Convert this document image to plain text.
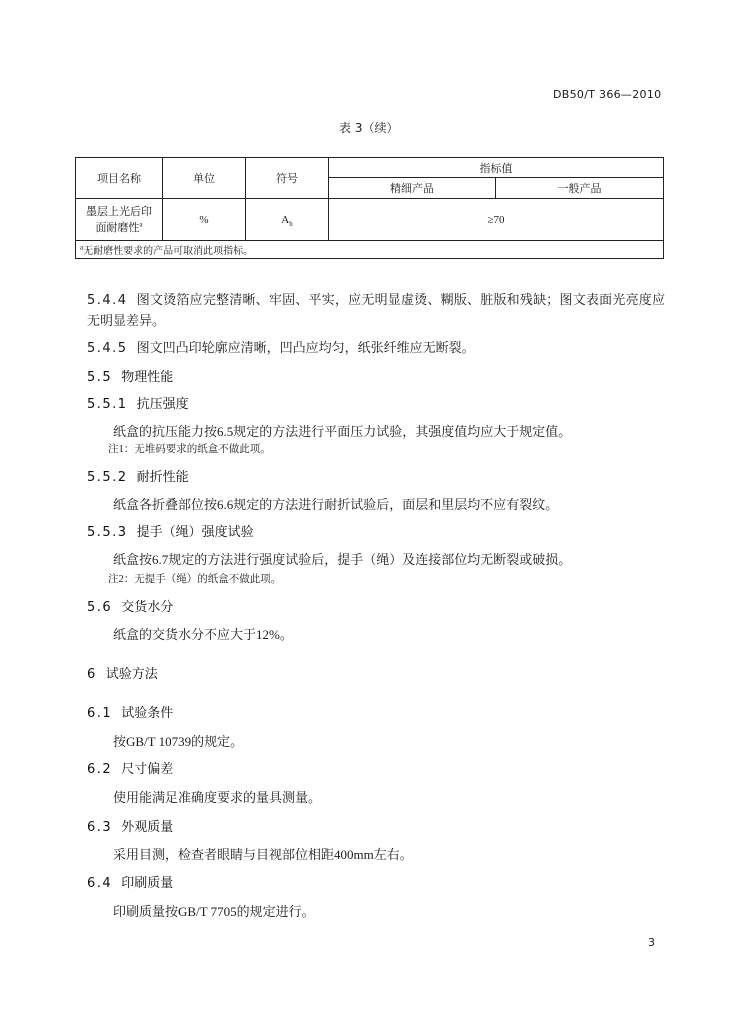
DB50/T 366—2010
表 3（续）
项目名称	单位	符号	指标值	
			精细产品	一般产品

墨层上光后印
面耐磨性$^a$	%	$A_h$	≥70	
$^a$无耐磨性要求的产品可取消此项指标。				
5.4.4 图文烫箔应完整清晰、牢固、平实，应无明显虚烫、糊版、脏版和残缺；图文表面光亮度应无明显差异。
5.4.5 图文凹凸印轮廓应清晰，凹凸应均匀，纸张纤维应无断裂。
5.5 物理性能
5.5.1 抗压强度
纸盒的抗压能力按6.5规定的方法进行平面压力试验，其强度值均应大于规定值。
注1：无堆码要求的纸盒不做此项。
5.5.2 耐折性能
纸盒各折叠部位按6.6规定的方法进行耐折试验后，面层和里层均不应有裂纹。
5.5.3 提手（绳）强度试验
纸盒按6.7规定的方法进行强度试验后，提手（绳）及连接部位均无断裂或破损。
注2：无提手（绳）的纸盒不做此项。
5.6 交货水分
纸盒的交货水分不应大于12%。
6 试验方法
6.1 试验条件
按GB/T 10739的规定。
6.2 尺寸偏差
使用能满足准确度要求的量具测量。
6.3 外观质量
采用目测，检查者眼睛与目视部位相距400mm左右。
6.4 印刷质量
印刷质量按GB/T 7705的规定进行。
3
